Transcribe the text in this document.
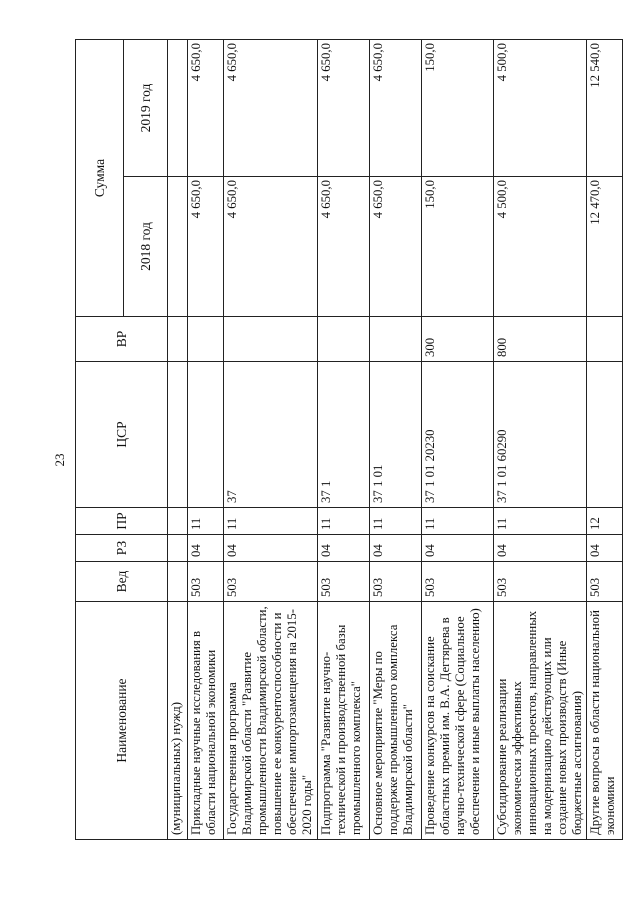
23
Наименование	Вед	РЗ	ПР	ЦСР	ВР	Сумма	
						2018 год	2019 год
(муниципальных) нужд)							
Прикладные научные исследования в области национальной экономики	503	04	11			4 650,0	4 650,0
Государственная программа Владимирской области "Развитие промышленности Владимирской области, повышение ее конкурентоспособности и обеспечение импортозамещения на 2015-2020 годы"	503	04	11	37		4 650,0	4 650,0
Подпрограмма "Развитие научно-технической и производственной базы промышленного комплекса"	503	04	11	37 1		4 650,0	4 650,0
Основное мероприятие "Меры по поддержке промышленного комплекса Владимирской области"	503	04	11	37 1 01		4 650,0	4 650,0
Проведение конкурсов на соискание областных премий им. В.А. Дегтярева в научно-технической сфере (Социальное обеспечение и иные выплаты населению)	503	04	11	37 1 01 20230	300	150,0	150,0
Субсидирование реализации экономически эффективных инновационных проектов, направленных на модернизацию действующих или создание новых производств (Иные бюджетные ассигнования)	503	04	11	37 1 01 60290	800	4 500,0	4 500,0
Другие вопросы в области национальной экономики	503	04	12			12 470,0	12 540,0
